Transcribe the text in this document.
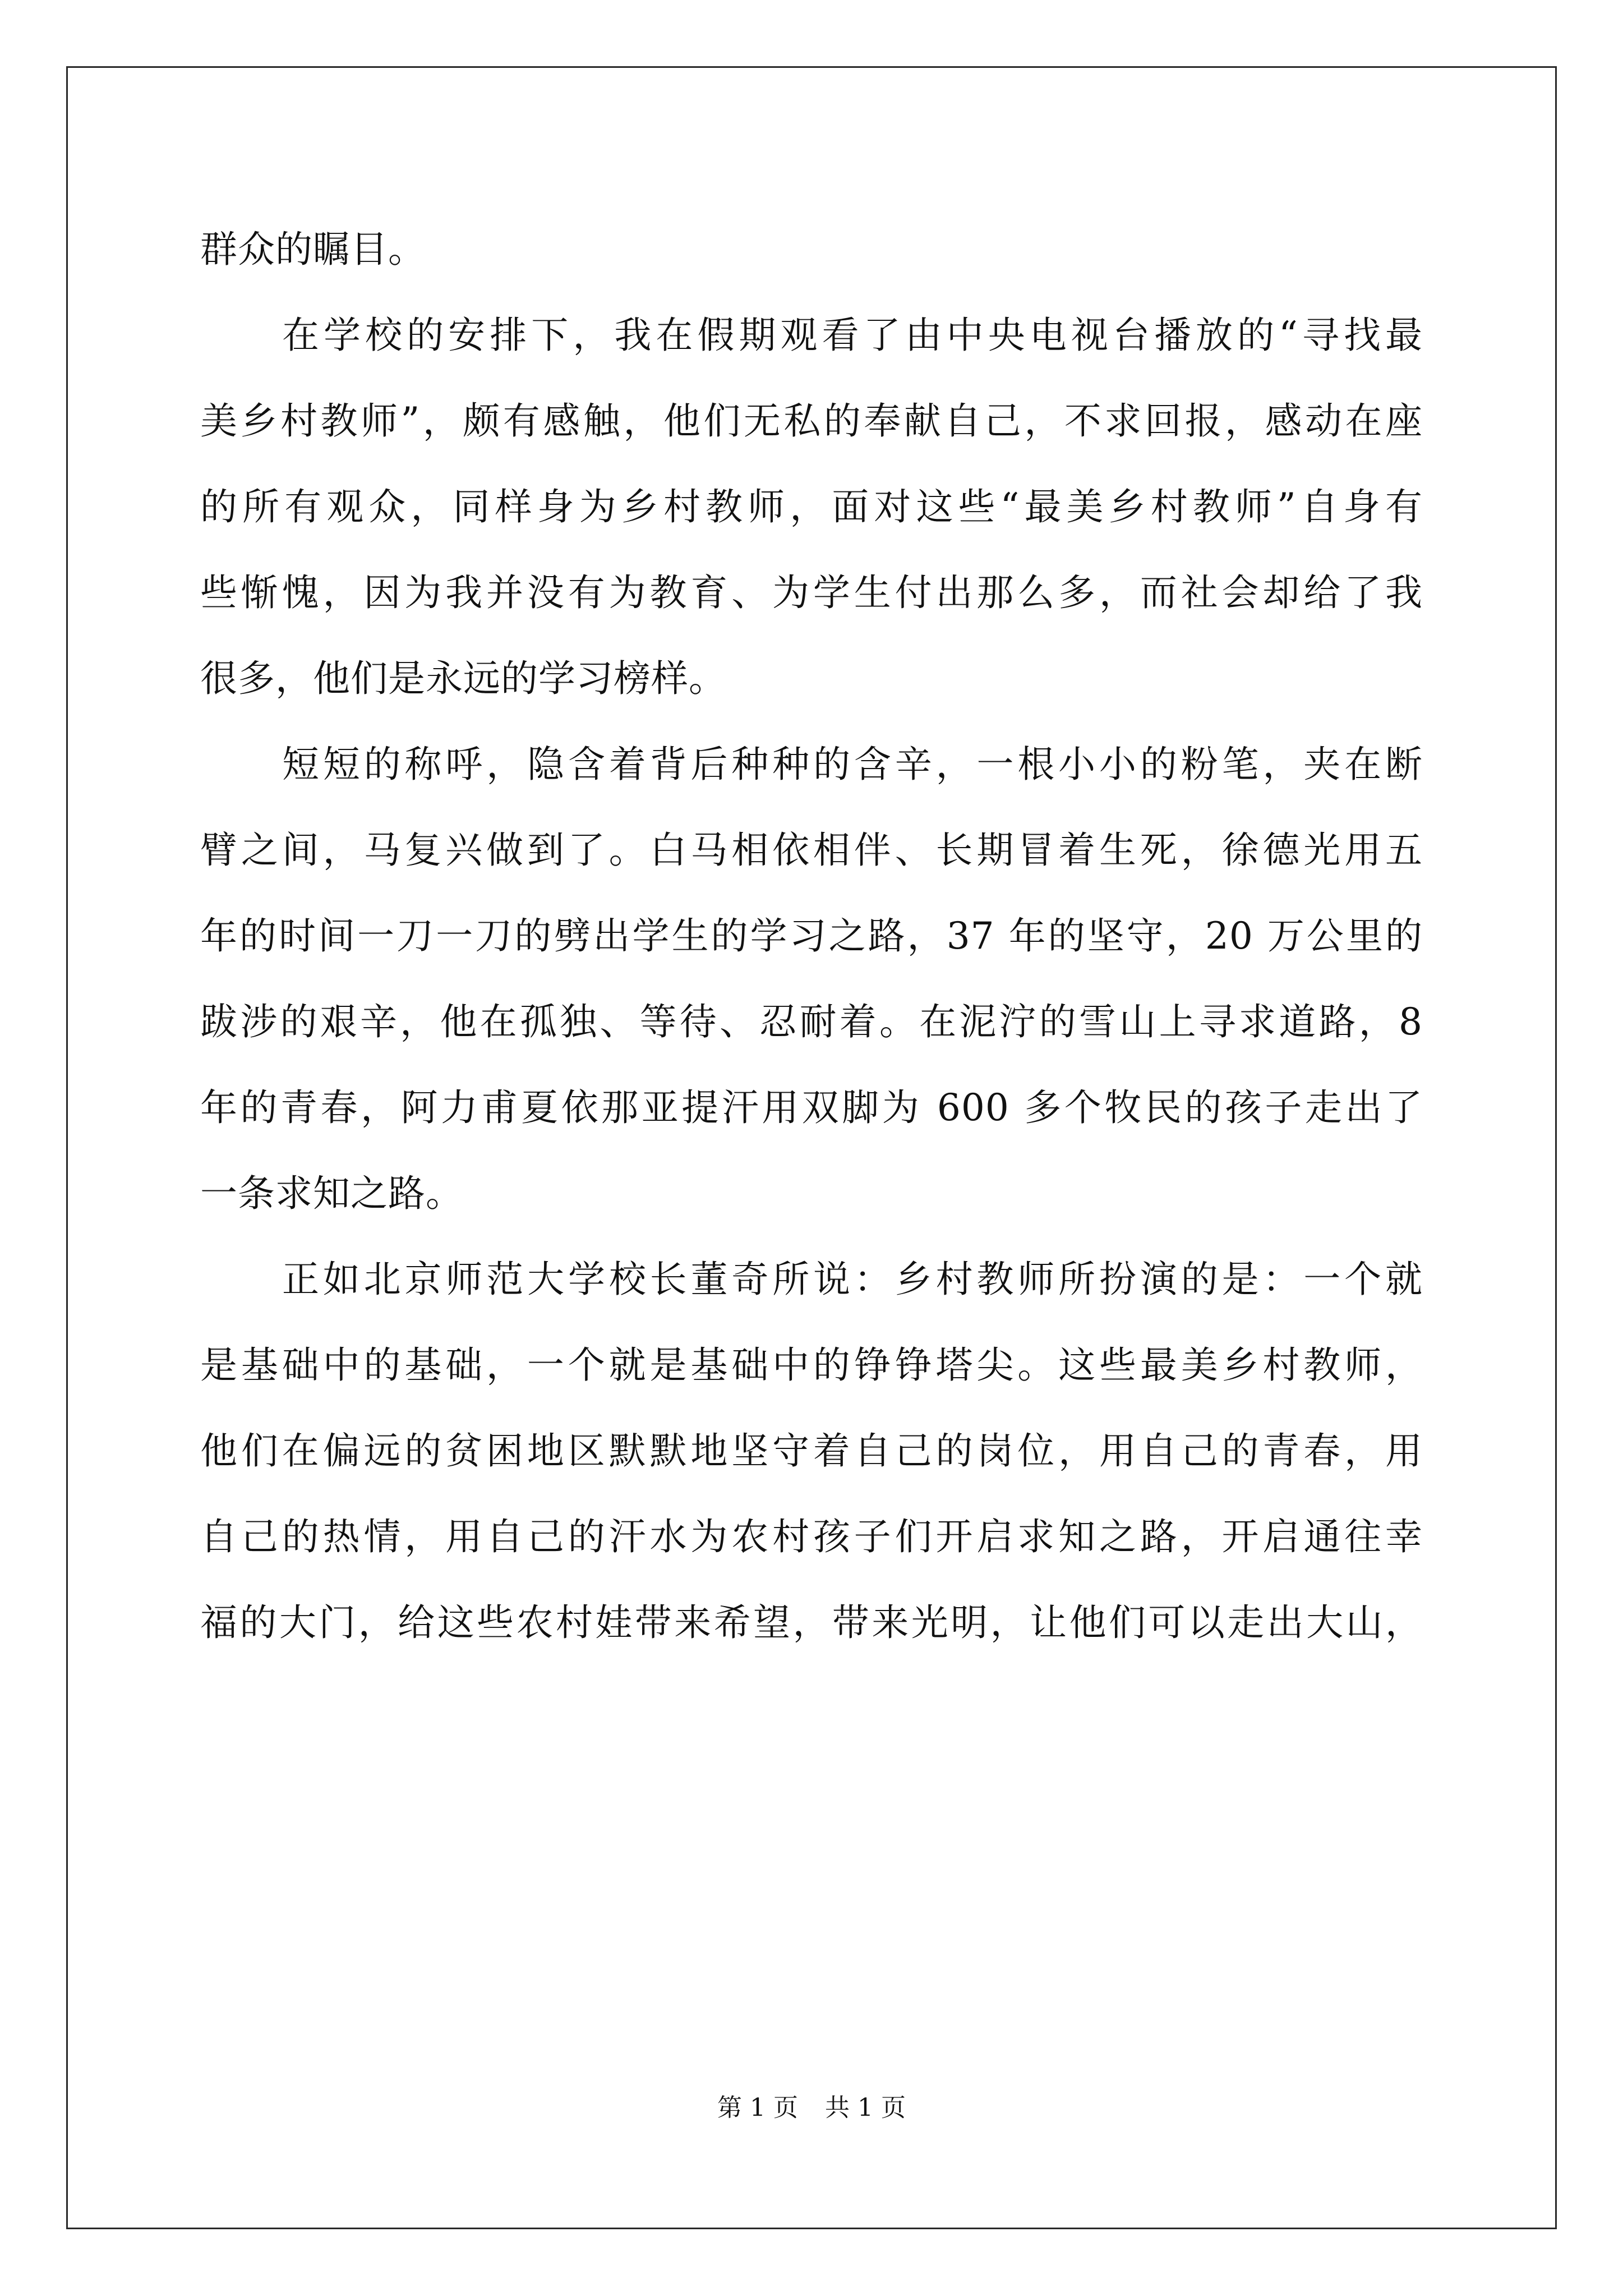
群众的瞩目。
在学校的安排下，我在假期观看了由中央电视台播放的“寻找最
美乡村教师”，颇有感触，他们无私的奉献自己，不求回报，感动在座
的所有观众，同样身为乡村教师，面对这些“最美乡村教师”自身有
些惭愧，因为我并没有为教育、为学生付出那么多，而社会却给了我
很多，他们是永远的学习榜样。
短短的称呼，隐含着背后种种的含辛，一根小小的粉笔，夹在断
臂之间，马复兴做到了。白马相依相伴、长期冒着生死，徐德光用五
年的时间一刀一刀的劈出学生的学习之路，37 年的坚守，20 万公里的
跋涉的艰辛，他在孤独、等待、忍耐着。在泥泞的雪山上寻求道路，8
年的青春，阿力甫夏依那亚提汗用双脚为 600 多个牧民的孩子走出了
一条求知之路。
正如北京师范大学校长董奇所说：乡村教师所扮演的是：一个就
是基础中的基础，一个就是基础中的铮铮塔尖。这些最美乡村教师，
他们在偏远的贫困地区默默地坚守着自己的岗位，用自己的青春，用
自己的热情，用自己的汗水为农村孩子们开启求知之路，开启通往幸
福的大门，给这些农村娃带来希望，带来光明，让他们可以走出大山，
第 1 页 共 1 页
